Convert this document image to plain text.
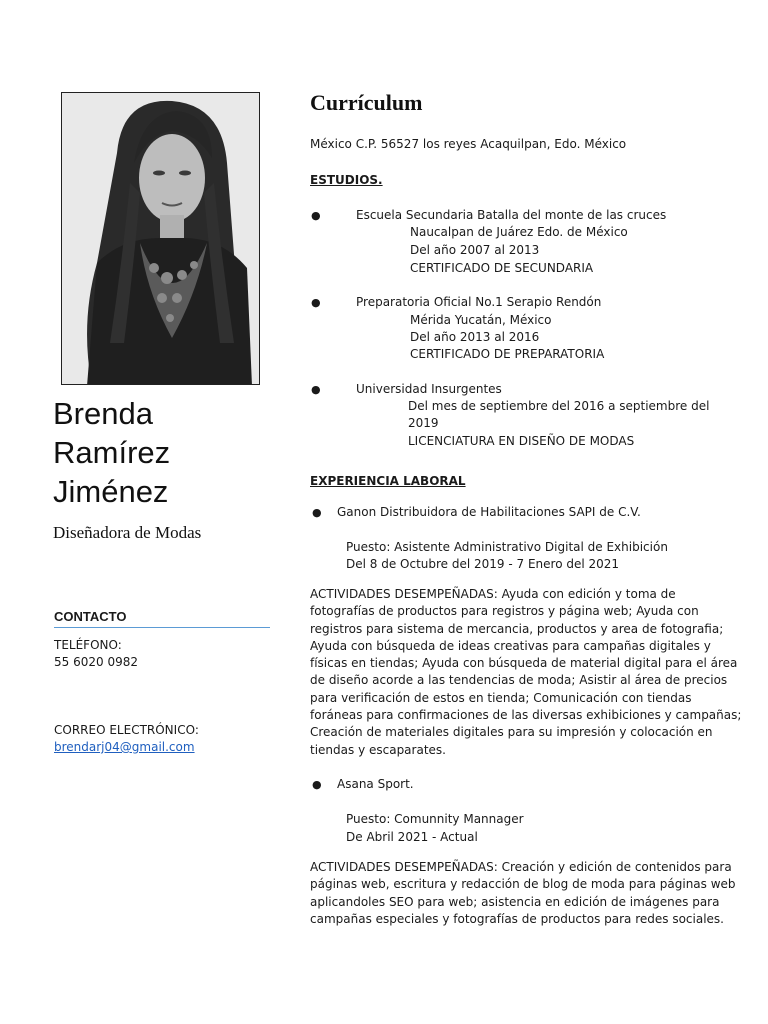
Brenda
Ramírez
Jiménez
Diseñadora de Modas
CONTACTO
TELÉFONO:
55 6020 0982
CORREO ELECTRÓNICO:
brendarj04@gmail.com
Currículum
México C.P. 56527 los reyes Acaquilpan, Edo. México
ESTUDIOS.
●	Escuela Secundaria Batalla del monte de las cruces
Naucalpan de Juárez Edo. de México
Del año 2007 al 2013
CERTIFICADO DE SECUNDARIA
●	Preparatoria Oficial No.1 Serapio Rendón
Mérida Yucatán, México
Del año 2013 al 2016
CERTIFICADO DE PREPARATORIA
●	Universidad Insurgentes
Del mes de septiembre del 2016 a septiembre del
2019
LICENCIATURA EN DISEÑO DE MODAS
EXPERIENCIA LABORAL
● Ganon Distribuidora de Habilitaciones SAPI de C.V.
Puesto: Asistente Administrativo Digital de Exhibición
Del 8 de Octubre del 2019 - 7 Enero del 2021
ACTIVIDADES DESEMPEÑADAS: Ayuda con edición y toma de fotografías de productos para registros y página web; Ayuda con registros para sistema de mercancia, productos y area de fotografia; Ayuda con búsqueda de ideas creativas para campañas digitales y físicas en tiendas; Ayuda con búsqueda de material digital para el área de diseño acorde a las tendencias de moda; Asistir al área de precios para verificación de estos en tienda; Comunicación con tiendas foráneas para confirmaciones de las diversas exhibiciones y campañas; Creación de materiales digitales para su impresión y colocación en tiendas y escaparates.
● Asana Sport.
Puesto: Comunnity Mannager
De Abril 2021 - Actual
ACTIVIDADES DESEMPEÑADAS: Creación y edición de contenidos para páginas web, escritura y redacción de blog de moda para páginas web aplicandoles SEO para web; asistencia en edición de imágenes para campañas especiales y fotografías de productos para redes sociales.
